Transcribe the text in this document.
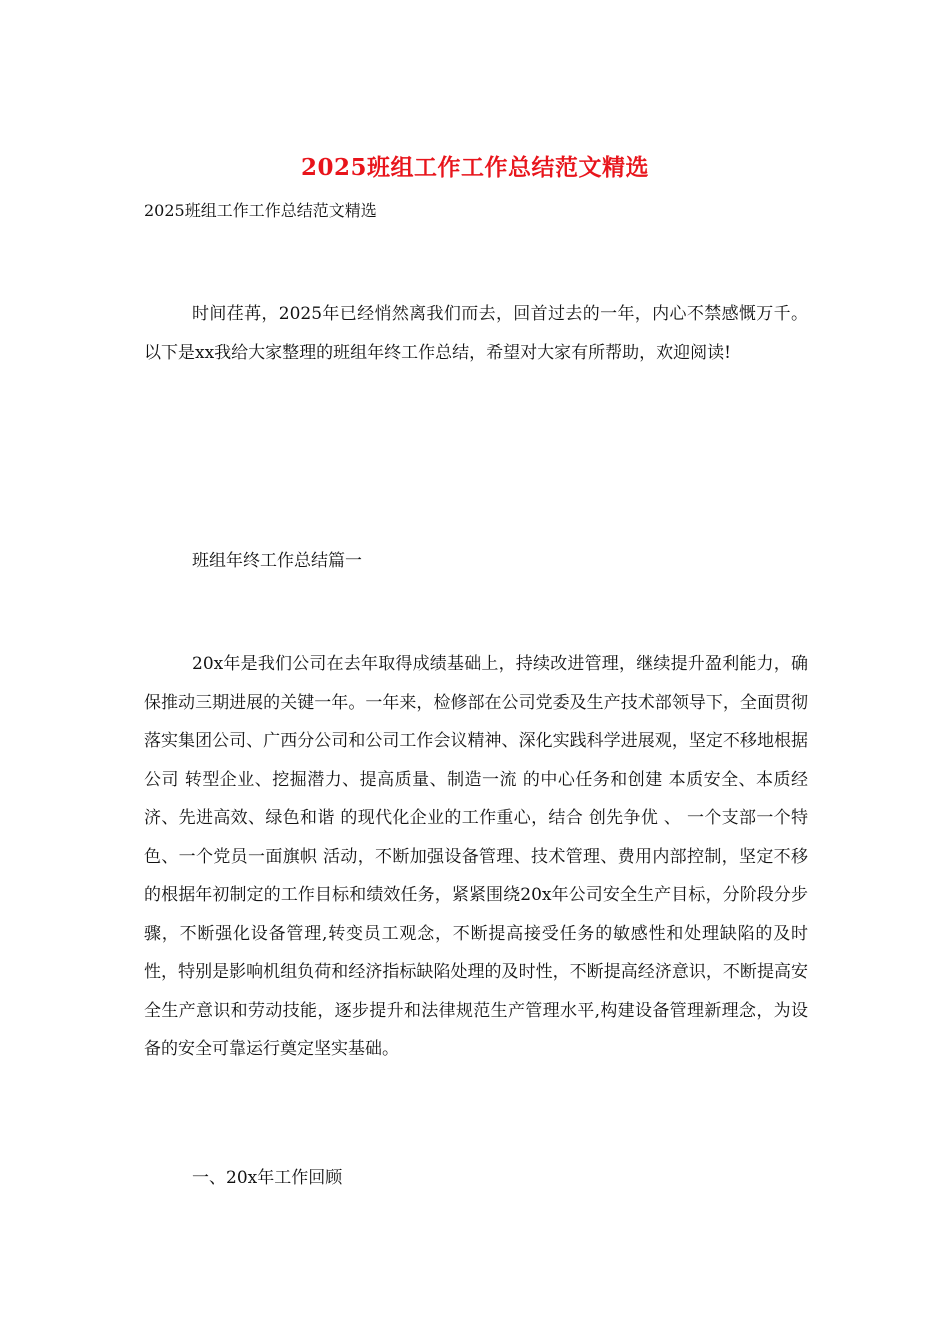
2025班组工作工作总结范文精选
2025班组工作工作总结范文精选

时间荏苒，2025年已经悄然离我们而去，回首过去的一年，内心不禁感慨万千。以下是xx我给大家整理的班组年终工作总结，希望对大家有所帮助，欢迎阅读!

班组年终工作总结篇一

20x年是我们公司在去年取得成绩基础上，持续改进管理，继续提升盈利能力，确保推动三期进展的关键一年。一年来，检修部在公司党委及生产技术部领导下，全面贯彻落实集团公司、广西分公司和公司工作会议精神、深化实践科学进展观，坚定不移地根据公司 转型企业、挖掘潜力、提高质量、制造一流 的中心任务和创建 本质安全、本质经济、先进高效、绿色和谐 的现代化企业的工作重心，结合 创先争优 、 一个支部一个特色、一个党员一面旗帜 活动，不断加强设备管理、技术管理、费用内部控制，坚定不移的根据年初制定的工作目标和绩效任务，紧紧围绕20x年公司安全生产目标，分阶段分步骤，不断强化设备管理,转变员工观念，不断提高接受任务的敏感性和处理缺陷的及时性，特别是影响机组负荷和经济指标缺陷处理的及时性，不断提高经济意识，不断提高安全生产意识和劳动技能，逐步提升和法律规范生产管理水平,构建设备管理新理念，为设备的安全可靠运行奠定坚实基础。

一、20x年工作回顾
